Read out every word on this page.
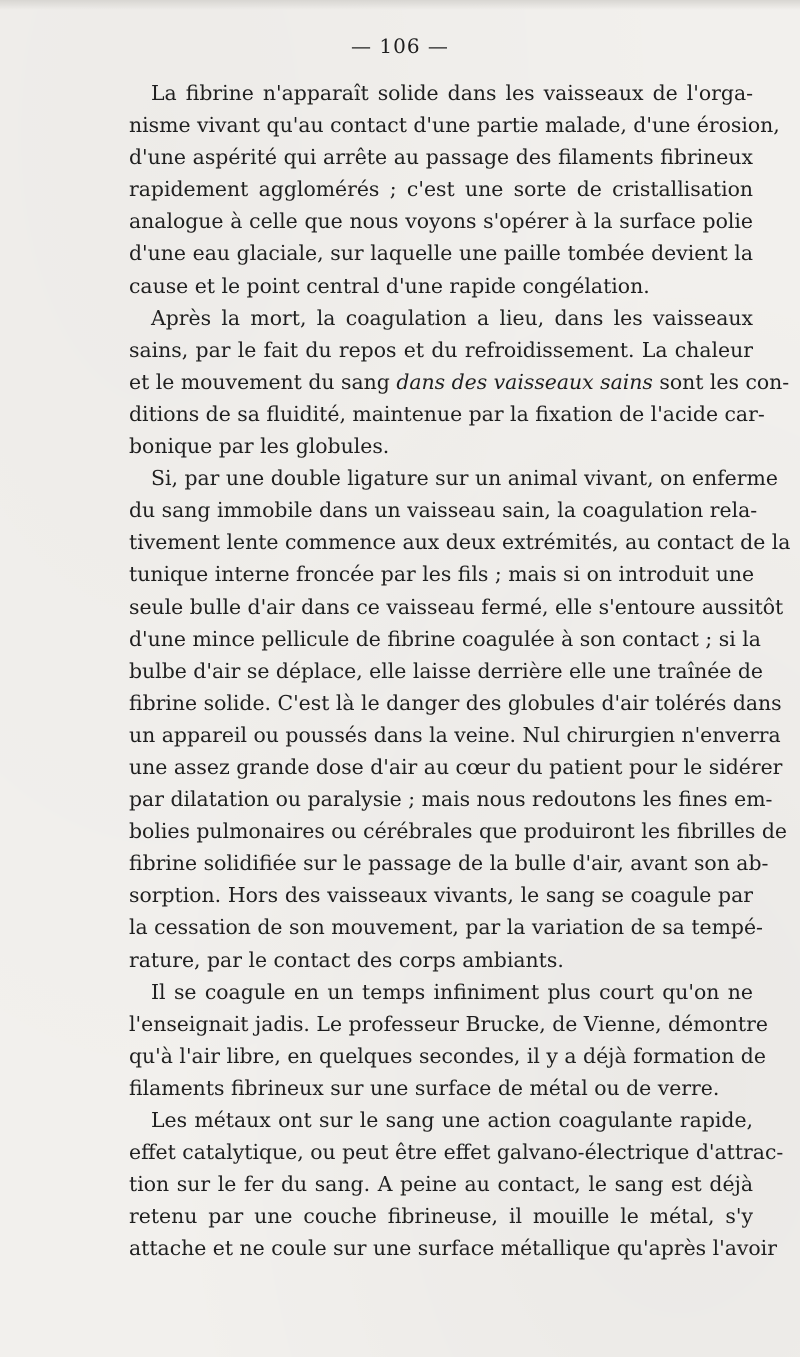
— 106 —

La fibrine n'apparaît solide dans les vaisseaux de l'orga-
nisme vivant qu'au contact d'une partie malade, d'une érosion,
d'une aspérité qui arrête au passage des filaments fibrineux
rapidement agglomérés ; c'est une sorte de cristallisation
analogue à celle que nous voyons s'opérer à la surface polie
d'une eau glaciale, sur laquelle une paille tombée devient la
cause et le point central d'une rapide congélation.

Après la mort, la coagulation a lieu, dans les vaisseaux
sains, par le fait du repos et du refroidissement. La chaleur
et le mouvement du sang dans des vaisseaux sains sont les con-
ditions de sa fluidité, maintenue par la fixation de l'acide car-
bonique par les globules.

Si, par une double ligature sur un animal vivant, on enferme
du sang immobile dans un vaisseau sain, la coagulation rela-
tivement lente commence aux deux extrémités, au contact de la
tunique interne froncée par les fils ; mais si on introduit une
seule bulle d'air dans ce vaisseau fermé, elle s'entoure aussitôt
d'une mince pellicule de fibrine coagulée à son contact ; si la
bulbe d'air se déplace, elle laisse derrière elle une traînée de
fibrine solide. C'est là le danger des globules d'air tolérés dans
un appareil ou poussés dans la veine. Nul chirurgien n'enverra
une assez grande dose d'air au cœur du patient pour le sidérer
par dilatation ou paralysie ; mais nous redoutons les fines em-
bolies pulmonaires ou cérébrales que produiront les fibrilles de
fibrine solidifiée sur le passage de la bulle d'air, avant son ab-
sorption. Hors des vaisseaux vivants, le sang se coagule par
la cessation de son mouvement, par la variation de sa tempé-
rature, par le contact des corps ambiants.

Il se coagule en un temps infiniment plus court qu'on ne
l'enseignait jadis. Le professeur Brucke, de Vienne, démontre
qu'à l'air libre, en quelques secondes, il y a déjà formation de
filaments fibrineux sur une surface de métal ou de verre.

Les métaux ont sur le sang une action coagulante rapide,
effet catalytique, ou peut être effet galvano-électrique d'attrac-
tion sur le fer du sang. A peine au contact, le sang est déjà
retenu par une couche fibrineuse, il mouille le métal, s'y
attache et ne coule sur une surface métallique qu'après l'avoir
